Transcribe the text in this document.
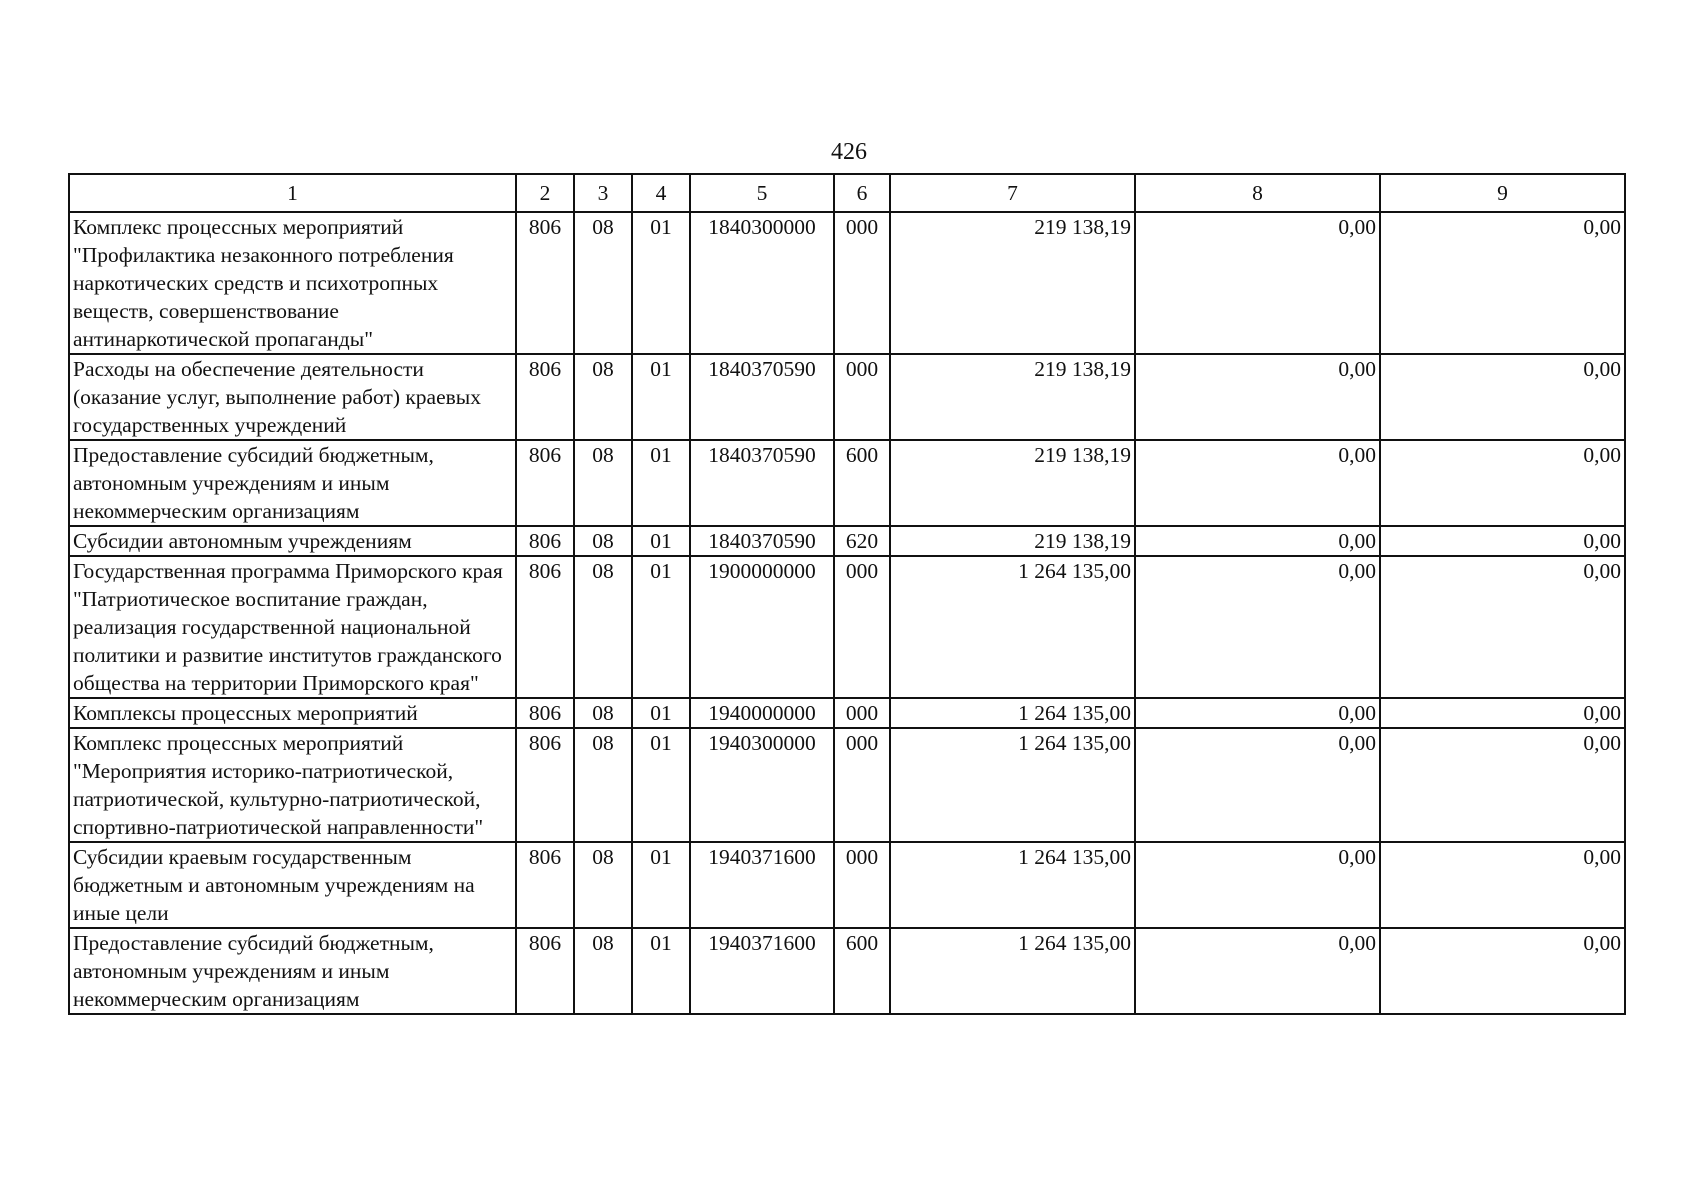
426
1	2	3	4	5	6	7	8	9
Комплекс процессных мероприятий "Профилактика незаконного потребления наркотических средств и психотропных веществ, совершенствование антинаркотической пропаганды"	806	08	01	1840300000	000	219 138,19	0,00	0,00
Расходы на обеспечение деятельности (оказание услуг, выполнение работ) краевых государственных учреждений	806	08	01	1840370590	000	219 138,19	0,00	0,00
Предоставление субсидий бюджетным, автономным учреждениям и иным некоммерческим организациям	806	08	01	1840370590	600	219 138,19	0,00	0,00
Субсидии автономным учреждениям	806	08	01	1840370590	620	219 138,19	0,00	0,00
Государственная программа Приморского края "Патриотическое воспитание граждан, реализация государственной национальной политики и развитие институтов гражданского общества на территории Приморского края"	806	08	01	1900000000	000	1 264 135,00	0,00	0,00
Комплексы процессных мероприятий	806	08	01	1940000000	000	1 264 135,00	0,00	0,00
Комплекс процессных мероприятий "Мероприятия историко-патриотической, патриотической, культурно-патриотической, спортивно-патриотической направленности"	806	08	01	1940300000	000	1 264 135,00	0,00	0,00
Субсидии краевым государственным бюджетным и автономным учреждениям на иные цели	806	08	01	1940371600	000	1 264 135,00	0,00	0,00
Предоставление субсидий бюджетным, автономным учреждениям и иным некоммерческим организациям	806	08	01	1940371600	600	1 264 135,00	0,00	0,00
